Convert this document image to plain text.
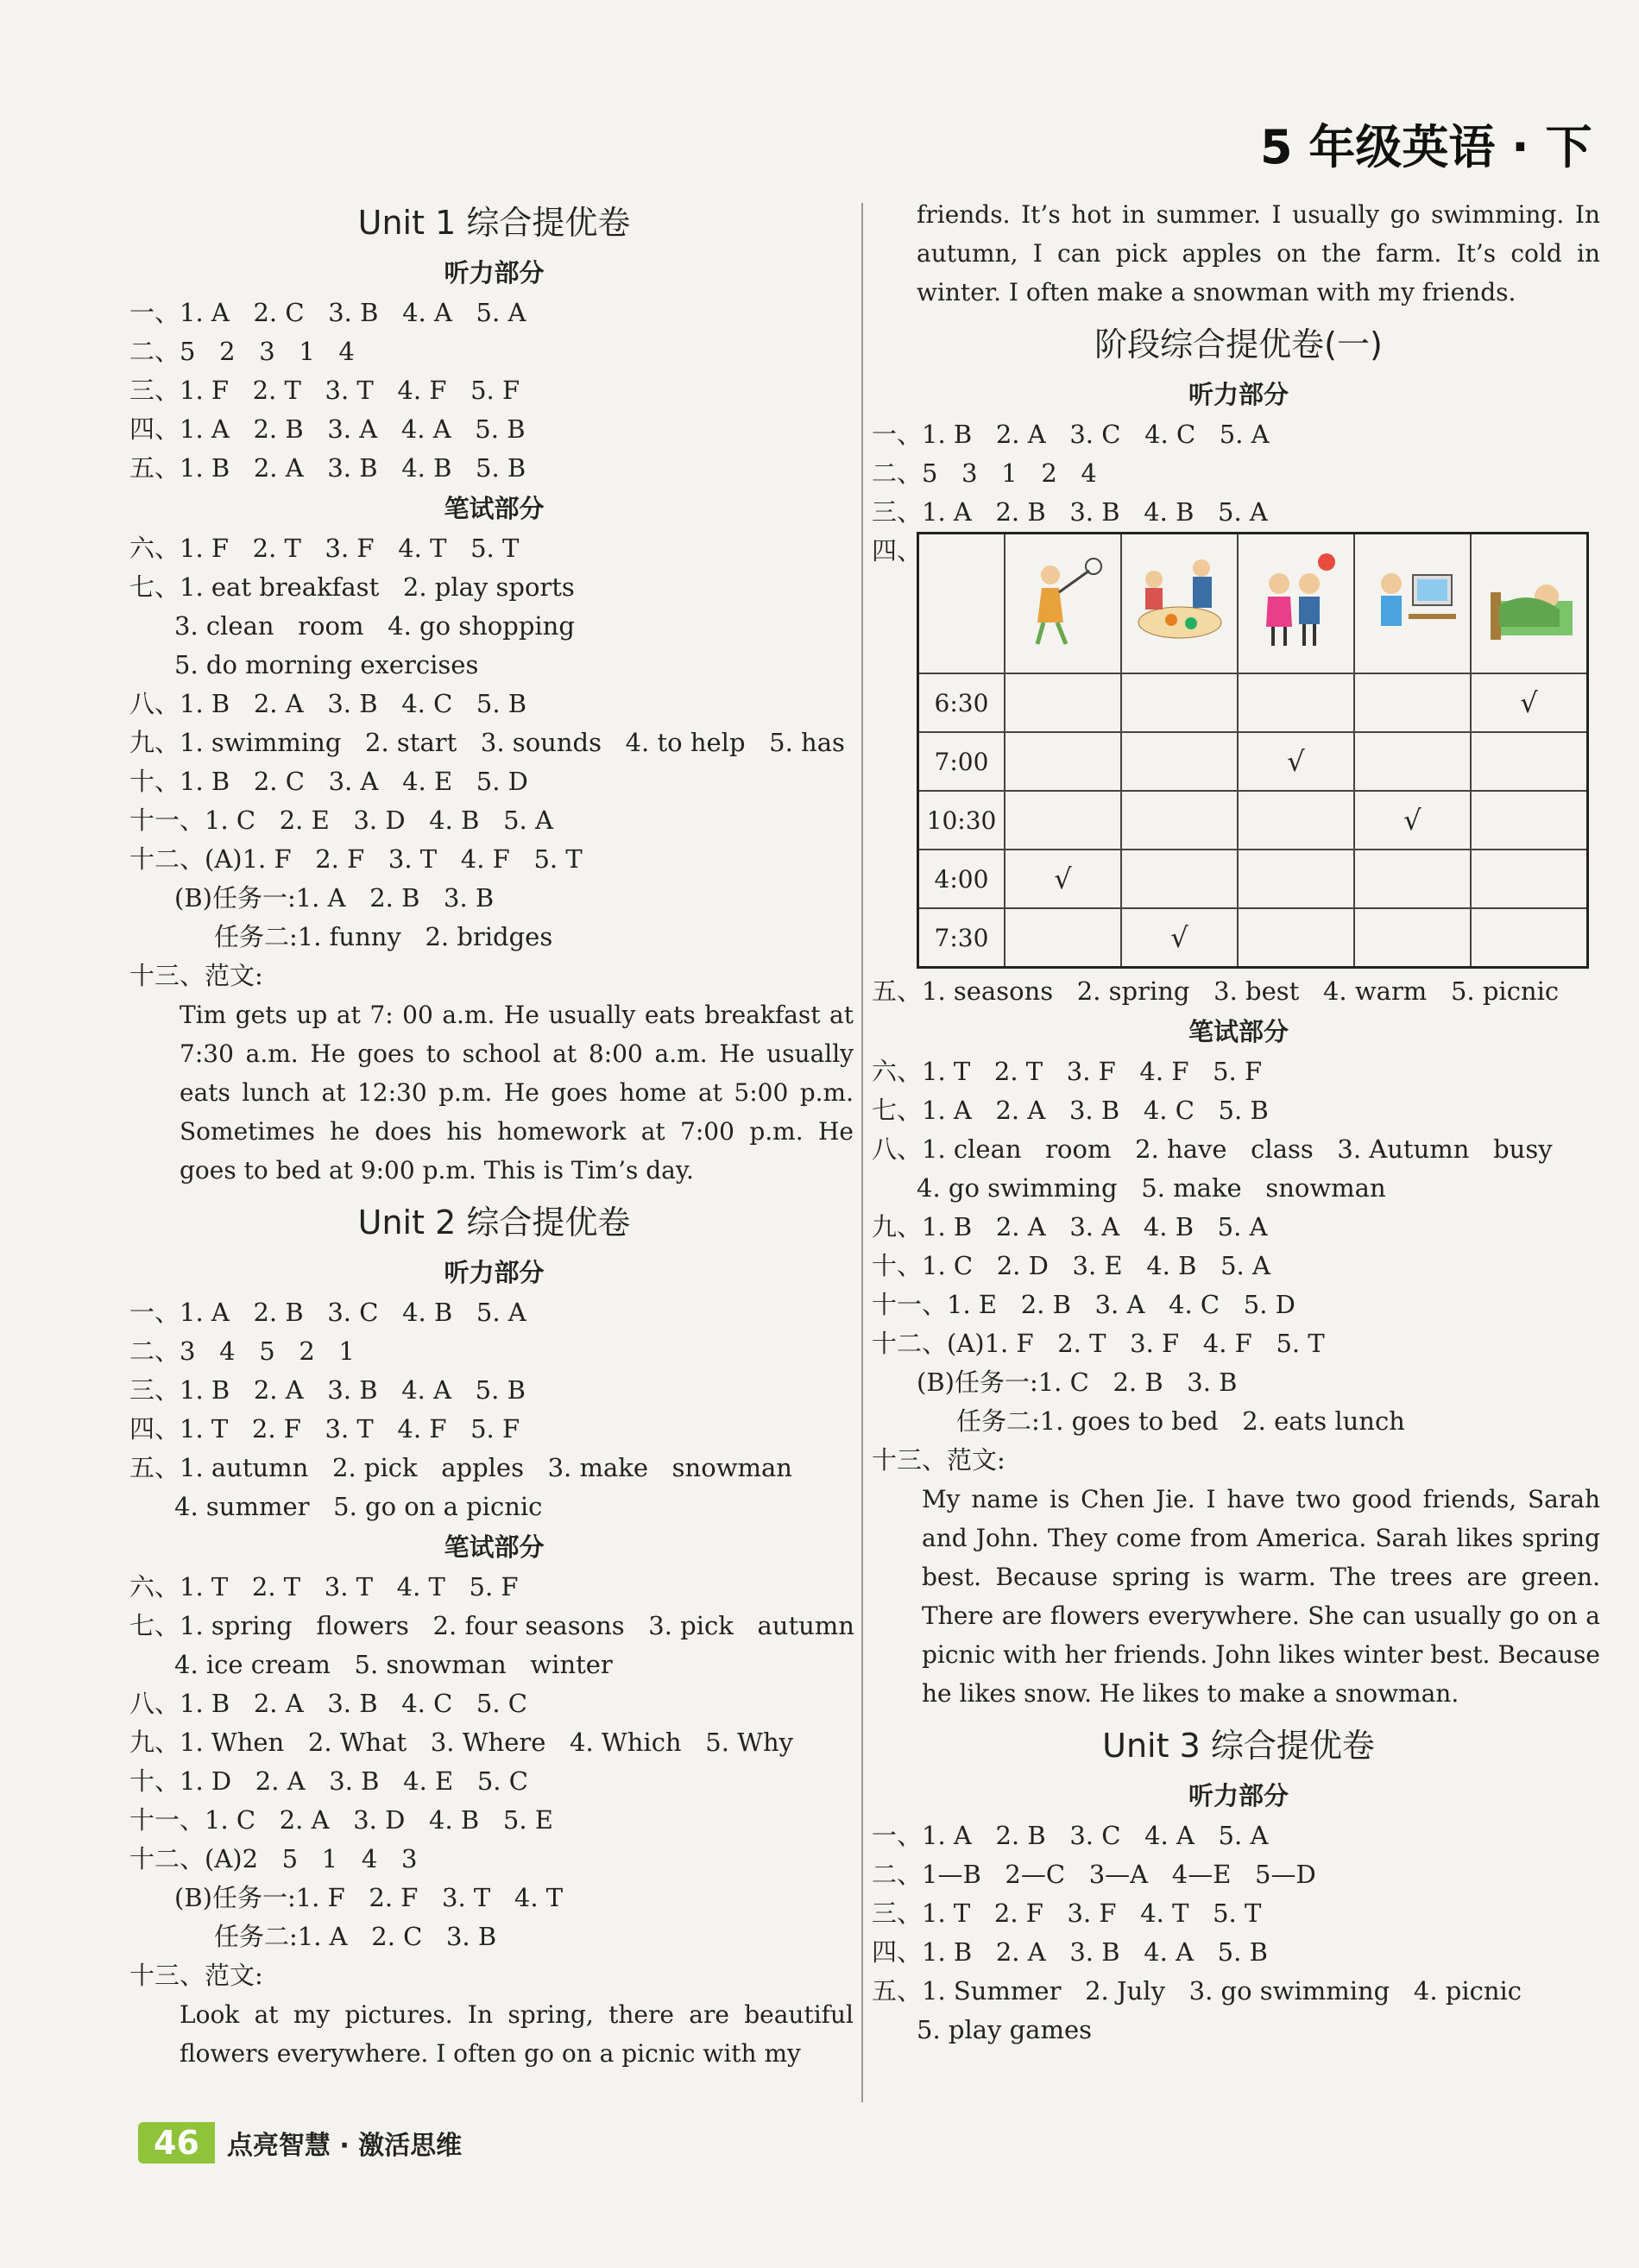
5 年级英语 · 下
Unit 1 综合提优卷
听力部分
一、1. A   2. C   3. B   4. A   5. A
二、5   2   3   1   4
三、1. F   2. T   3. T   4. F   5. F
四、1. A   2. B   3. A   4. A   5. B
五、1. B   2. A   3. B   4. B   5. B
笔试部分
六、1. F   2. T   3. F   4. T   5. T
七、1. eat breakfast   2. play sports
3. clean   room   4. go shopping
5. do morning exercises
八、1. B   2. A   3. B   4. C   5. B
九、1. swimming   2. start   3. sounds   4. to help   5. has
十、1. B   2. C   3. A   4. E   5. D
十一、1. C   2. E   3. D   4. B   5. A
十二、(A)1. F   2. F   3. T   4. F   5. T
(B)任务一:1. A   2. B   3. B
任务二:1. funny   2. bridges
十三、范文:
Tim gets up at 7: 00 a.m. He usually eats breakfast at 7:30 a.m. He goes to school at 8:00 a.m. He usually eats lunch at 12:30 p.m. He goes home at 5:00 p.m. Sometimes he does his homework at 7:00 p.m. He goes to bed at 9:00 p.m. This is Tim’s day.
Unit 2 综合提优卷
听力部分
一、1. A   2. B   3. C   4. B   5. A
二、3   4   5   2   1
三、1. B   2. A   3. B   4. A   5. B
四、1. T   2. F   3. T   4. F   5. F
五、1. autumn   2. pick   apples   3. make   snowman
4. summer   5. go on a picnic
笔试部分
六、1. T   2. T   3. T   4. T   5. F
七、1. spring   flowers   2. four seasons   3. pick   autumn
4. ice cream   5. snowman   winter
八、1. B   2. A   3. B   4. C   5. C
九、1. When   2. What   3. Where   4. Which   5. Why
十、1. D   2. A   3. B   4. E   5. C
十一、1. C   2. A   3. D   4. B   5. E
十二、(A)2   5   1   4   3
(B)任务一:1. F   2. F   3. T   4. T
任务二:1. A   2. C   3. B
十三、范文:
Look at my pictures. In spring, there are beautiful flowers everywhere. I often go on a picnic with my
friends. It’s hot in summer. I usually go swimming. In autumn, I can pick apples on the farm. It’s cold in winter. I often make a snowman with my friends.
阶段综合提优卷(一)
听力部分
一、1. B   2. A   3. C   4. C   5. A
二、5   3   1   2   4
三、1. A   2. B   3. B   4. B   5. A
四、

6:30					√
7:00			√		
10:30				√	
4:00	√				
7:30		√			
五、1. seasons   2. spring   3. best   4. warm   5. picnic
笔试部分
六、1. T   2. T   3. F   4. F   5. F
七、1. A   2. A   3. B   4. C   5. B
八、1. clean   room   2. have   class   3. Autumn   busy
4. go swimming   5. make   snowman
九、1. B   2. A   3. A   4. B   5. A
十、1. C   2. D   3. E   4. B   5. A
十一、1. E   2. B   3. A   4. C   5. D
十二、(A)1. F   2. T   3. F   4. F   5. T
(B)任务一:1. C   2. B   3. B
任务二:1. goes to bed   2. eats lunch
十三、范文:
My name is Chen Jie. I have two good friends, Sarah and John. They come from America. Sarah likes spring best. Because spring is warm. The trees are green. There are flowers everywhere. She can usually go on a picnic with her friends. John likes winter best. Because he likes snow. He likes to make a snowman.
Unit 3 综合提优卷
听力部分
一、1. A   2. B   3. C   4. A   5. A
二、1—B   2—C   3—A   4—E   5—D
三、1. T   2. F   3. F   4. T   5. T
四、1. B   2. A   3. B   4. A   5. B
五、1. Summer   2. July   3. go swimming   4. picnic
5. play games
46 点亮智慧 · 激活思维
